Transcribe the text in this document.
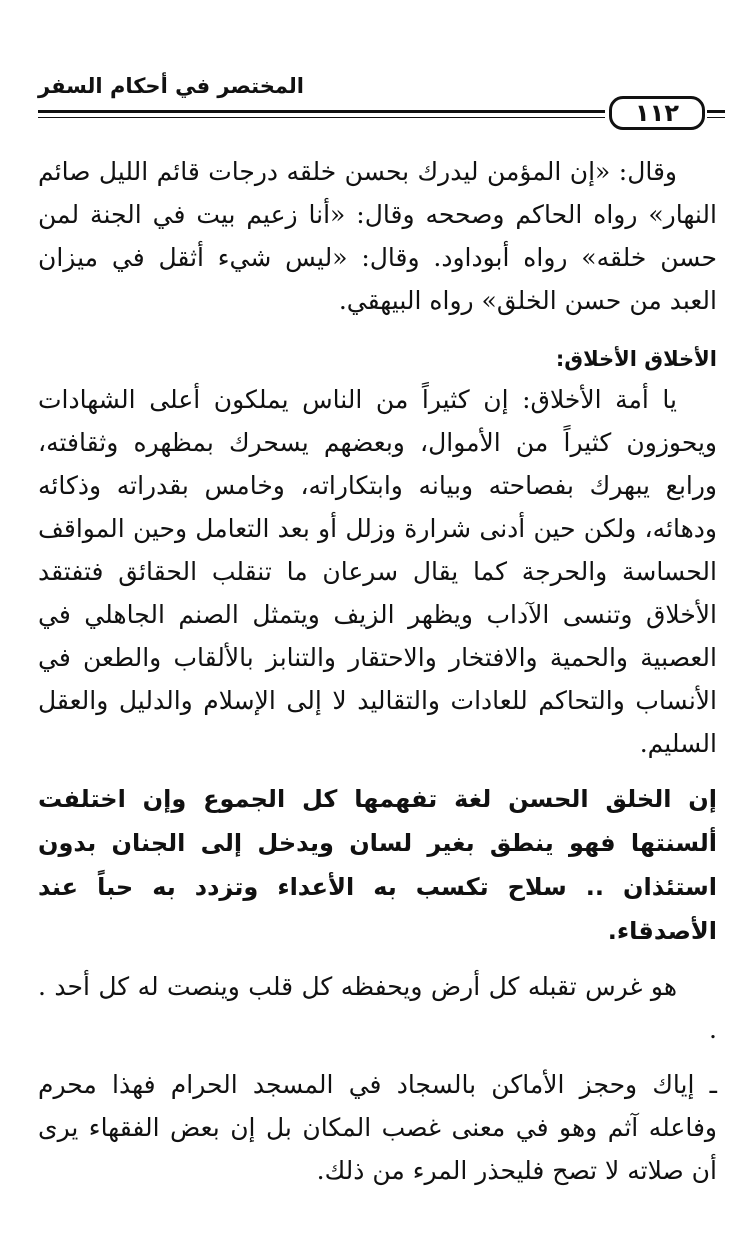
المختصر في أحكام السفر
١١٢

وقال: «إن المؤمن ليدرك بحسن خلقه درجات قائم الليل صائم النهار» رواه الحاكم وصححه وقال: «أنا زعيم بيت في الجنة لمن حسن خلقه» رواه أبوداود. وقال: «ليس شيء أثقل في ميزان العبد من حسن الخلق» رواه البيهقي.

الأخلاق الأخلاق:

يا أمة الأخلاق: إن كثيراً من الناس يملكون أعلى الشهادات ويحوزون كثيراً من الأموال، وبعضهم يسحرك بمظهره وثقافته، ورابع يبهرك بفصاحته وبيانه وابتكاراته، وخامس بقدراته وذكائه ودهائه، ولكن حين أدنى شرارة وزلل أو بعد التعامل وحين المواقف الحساسة والحرجة كما يقال سرعان ما تنقلب الحقائق فتفتقد الأخلاق وتنسى الآداب ويظهر الزيف ويتمثل الصنم الجاهلي في العصبية والحمية والافتخار والاحتقار والتنابز بالألقاب والطعن في الأنساب والتحاكم للعادات والتقاليد لا إلى الإسلام والدليل والعقل السليم.

إن الخلق الحسن لغة تفهمها كل الجموع وإن اختلفت ألسنتها فهو ينطق بغير لسان ويدخل إلى الجنان بدون استئذان .. سلاح تكسب به الأعداء وتزدد به حباً عند الأصدقاء.

هو غرس تقبله كل أرض ويحفظه كل قلب وينصت له كل أحد . .

ـ إياك وحجز الأماكن بالسجاد في المسجد الحرام فهذا محرم وفاعله آثم وهو في معنى غصب المكان بل إن بعض الفقهاء يرى أن صلاته لا تصح فليحذر المرء من ذلك.
